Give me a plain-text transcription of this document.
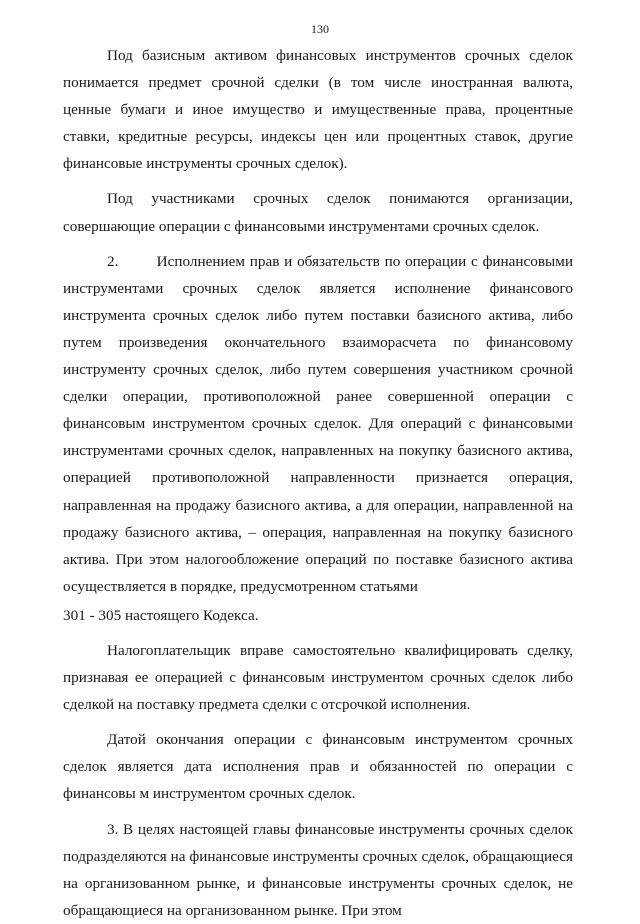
130

Под базисным активом финансовых инструментов срочных сделок понимается предмет срочной сделки (в том числе иностранная валюта, ценные бумаги и иное имущество и имущественные права, процентные ставки, кредитные ресурсы, индексы цен или процентных ставок, другие финансовые инструменты срочных сделок).

Под участниками срочных сделок понимаются организации, совершающие операции с финансовыми инструментами срочных сделок.

2.        Исполнением прав и обязательств по операции с финансовыми инструментами срочных сделок является исполнение финансового инструмента срочных сделок либо путем поставки базисного актива, либо путем произведения окончательного взаиморасчета по финансовому инструменту срочных сделок, либо путем совершения участником срочной сделки операции, противоположной ранее совершенной операции с финансовым инструментом срочных сделок. Для операций с финансовыми инструментами срочных сделок, направленных на покупку базисного актива, операцией противоположной направленности признается операция, направленная на продажу базисного актива, а для операции, направленной на продажу базисного актива, – операция, направленная на покупку базисного актива. При этом налогообложение операций по поставке базисного актива осуществляется в порядке, предусмотренном статьями

301 - 305 настоящего Кодекса.

Налогоплательщик вправе самостоятельно квалифицировать сделку, признавая ее операцией с финансовым инструментом срочных сделок либо сделкой на поставку предмета сделки с отсрочкой исполнения.

Датой окончания операции с финансовым инструментом срочных сделок является дата исполнения прав и обязанностей по операции с финансовы м инструментом срочных сделок.

3. В целях настоящей главы финансовые инструменты срочных сделок подразделяются на финансовые инструменты срочных сделок, обращающиеся на организованном рынке, и финансовые инструменты срочных сделок, не обращающиеся на организованном рынке. При этом
